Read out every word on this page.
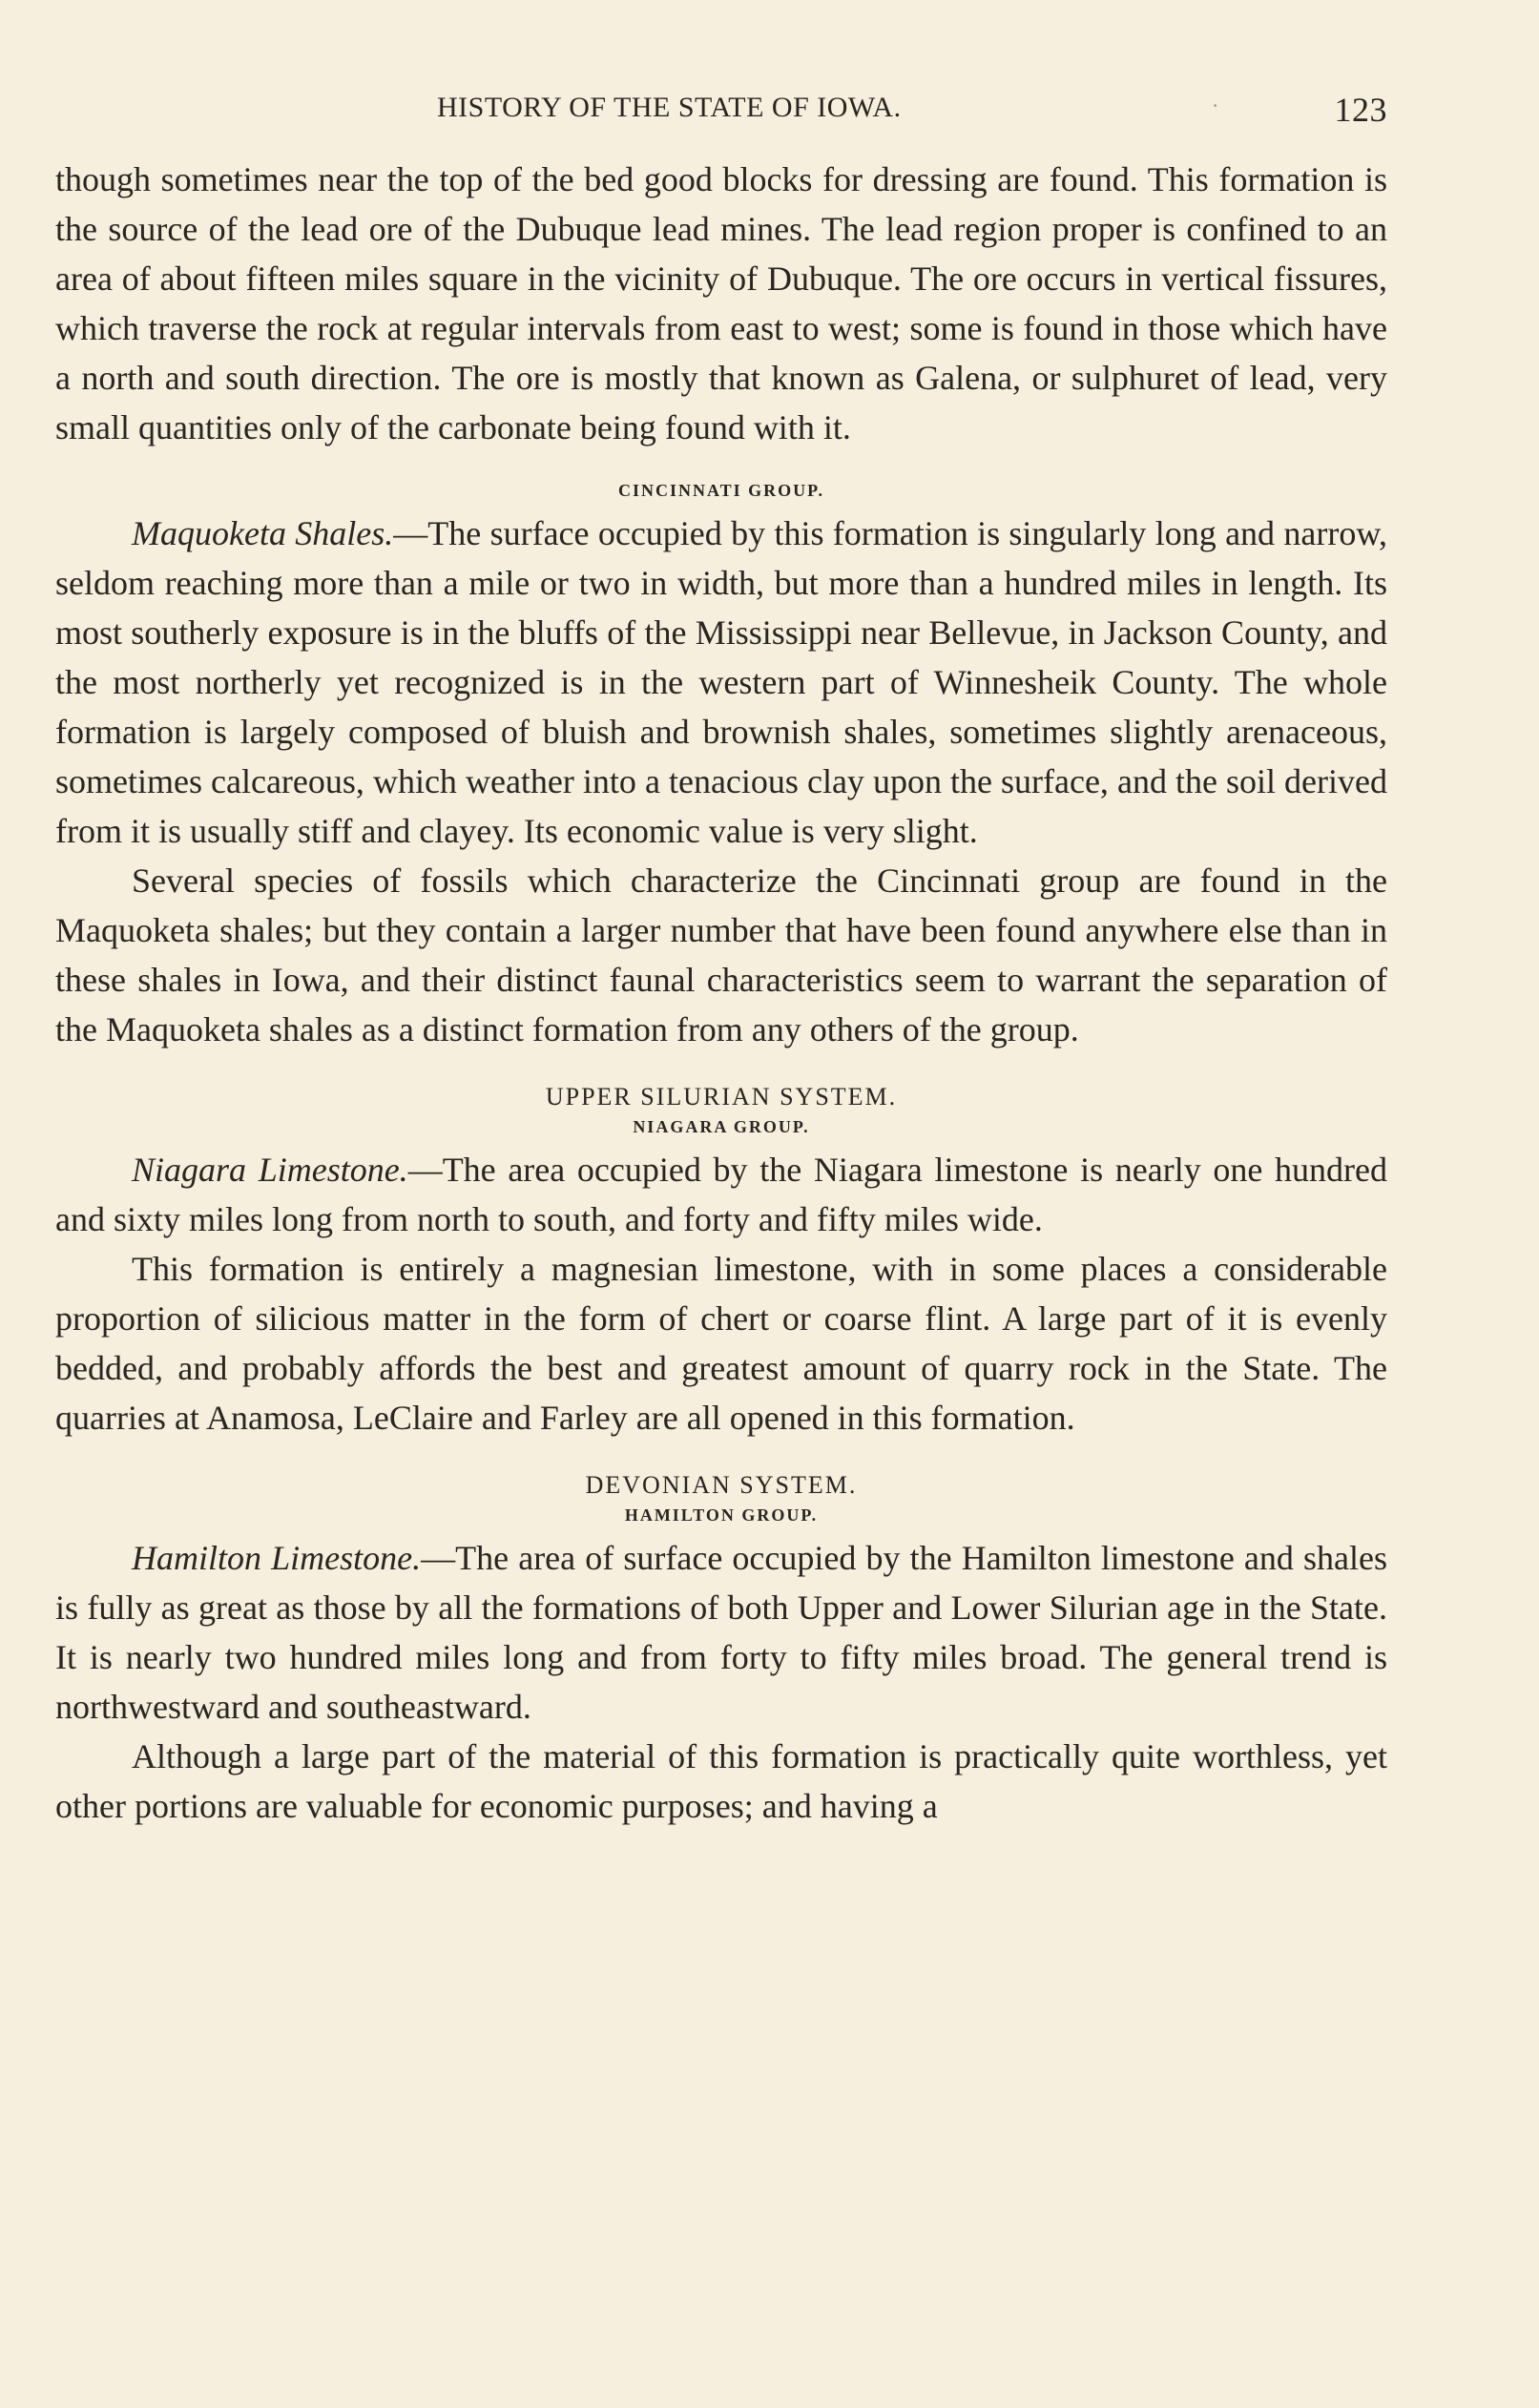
HISTORY OF THE STATE OF IOWA.	·	123

though sometimes near the top of the bed good blocks for dressing are found. This formation is the source of the lead ore of the Dubuque lead mines. The lead region proper is confined to an area of about fifteen miles square in the vicinity of Dubuque. The ore occurs in vertical fissures, which traverse the rock at regular intervals from east to west; some is found in those which have a north and south direction. The ore is mostly that known as Galena, or sulphuret of lead, very small quantities only of the carbonate being found with it.

CINCINNATI GROUP.

Maquoketa Shales.—The surface occupied by this formation is singularly long and narrow, seldom reaching more than a mile or two in width, but more than a hundred miles in length. Its most southerly exposure is in the bluffs of the Mississippi near Bellevue, in Jackson County, and the most northerly yet recognized is in the western part of Winnesheik County. The whole formation is largely composed of bluish and brownish shales, sometimes slightly arenaceous, sometimes calcareous, which weather into a tenacious clay upon the surface, and the soil derived from it is usually stiff and clayey. Its economic value is very slight.

Several species of fossils which characterize the Cincinnati group are found in the Maquoketa shales; but they contain a larger number that have been found anywhere else than in these shales in Iowa, and their distinct faunal characteristics seem to warrant the separation of the Maquoketa shales as a distinct formation from any others of the group.

UPPER SILURIAN SYSTEM.
NIAGARA GROUP.

Niagara Limestone.—The area occupied by the Niagara limestone is nearly one hundred and sixty miles long from north to south, and forty and fifty miles wide.

This formation is entirely a magnesian limestone, with in some places a considerable proportion of silicious matter in the form of chert or coarse flint. A large part of it is evenly bedded, and probably affords the best and greatest amount of quarry rock in the State. The quarries at Anamosa, LeClaire and Farley are all opened in this formation.

DEVONIAN SYSTEM.
HAMILTON GROUP.

Hamilton Limestone.—The area of surface occupied by the Hamilton limestone and shales is fully as great as those by all the formations of both Upper and Lower Silurian age in the State. It is nearly two hundred miles long and from forty to fifty miles broad. The general trend is northwestward and southeastward.

Although a large part of the material of this formation is practically quite worthless, yet other portions are valuable for economic purposes; and having a
